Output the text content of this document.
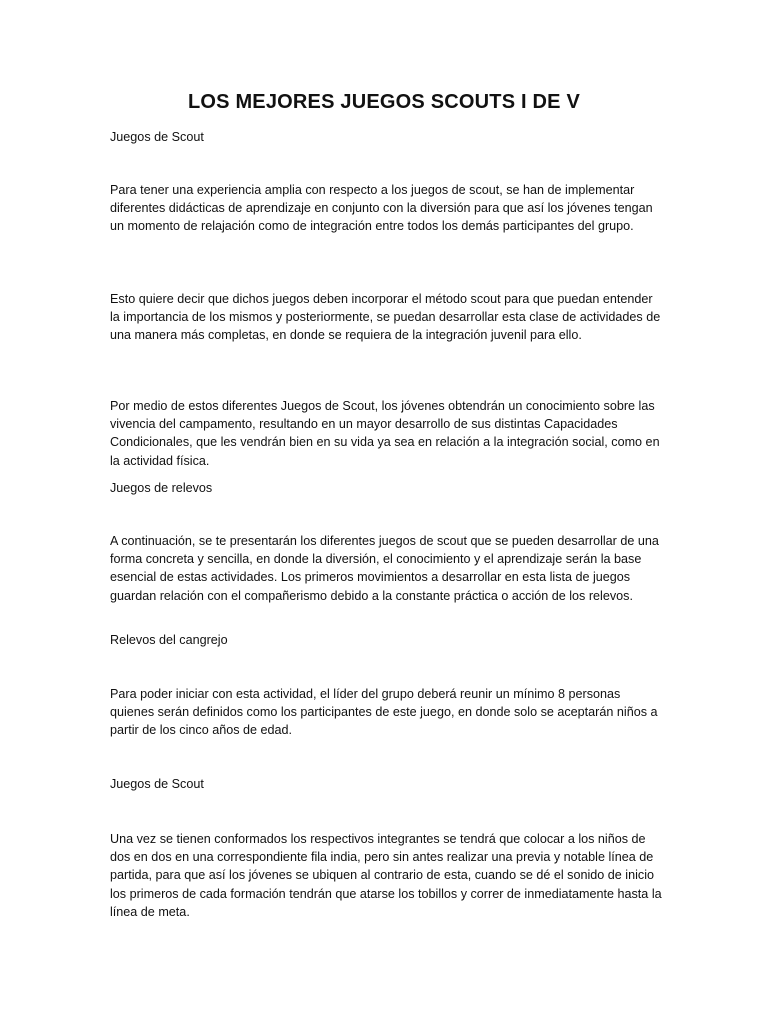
LOS MEJORES JUEGOS SCOUTS I DE V

Juegos de Scout

Para tener una experiencia amplia con respecto a los juegos de scout, se han de implementar diferentes didácticas de aprendizaje en conjunto con la diversión para que así los jóvenes tengan un momento de relajación como de integración entre todos los demás participantes del grupo.

Esto quiere decir que dichos juegos deben incorporar el método scout para que puedan entender la importancia de los mismos y posteriormente, se puedan desarrollar esta clase de actividades de una manera más completas, en donde se requiera de la integración juvenil para ello.

Por medio de estos diferentes Juegos de Scout, los jóvenes obtendrán un conocimiento sobre las vivencia del campamento, resultando en un mayor desarrollo de sus distintas Capacidades Condicionales, que les vendrán bien en su vida ya sea en relación a la integración social, como en la actividad física.

Juegos de relevos

A continuación, se te presentarán los diferentes juegos de scout que se pueden desarrollar de una forma concreta y sencilla, en donde la diversión, el conocimiento y el aprendizaje serán la base esencial de estas actividades. Los primeros movimientos a desarrollar en esta lista de juegos guardan relación con el compañerismo debido a la constante práctica o acción de los relevos.

Relevos del cangrejo

Para poder iniciar con esta actividad, el líder del grupo deberá reunir un mínimo 8 personas quienes serán definidos como los participantes de este juego, en donde solo se aceptarán niños a partir de los cinco años de edad.

Juegos de Scout

Una vez se tienen conformados los respectivos integrantes se tendrá que colocar a los niños de dos en dos en una correspondiente fila india, pero sin antes realizar una previa y notable línea de partida, para que así los jóvenes se ubiquen al contrario de esta, cuando se dé el sonido de inicio los primeros de cada formación tendrán que atarse los tobillos y correr de inmediatamente hasta la línea de meta.
